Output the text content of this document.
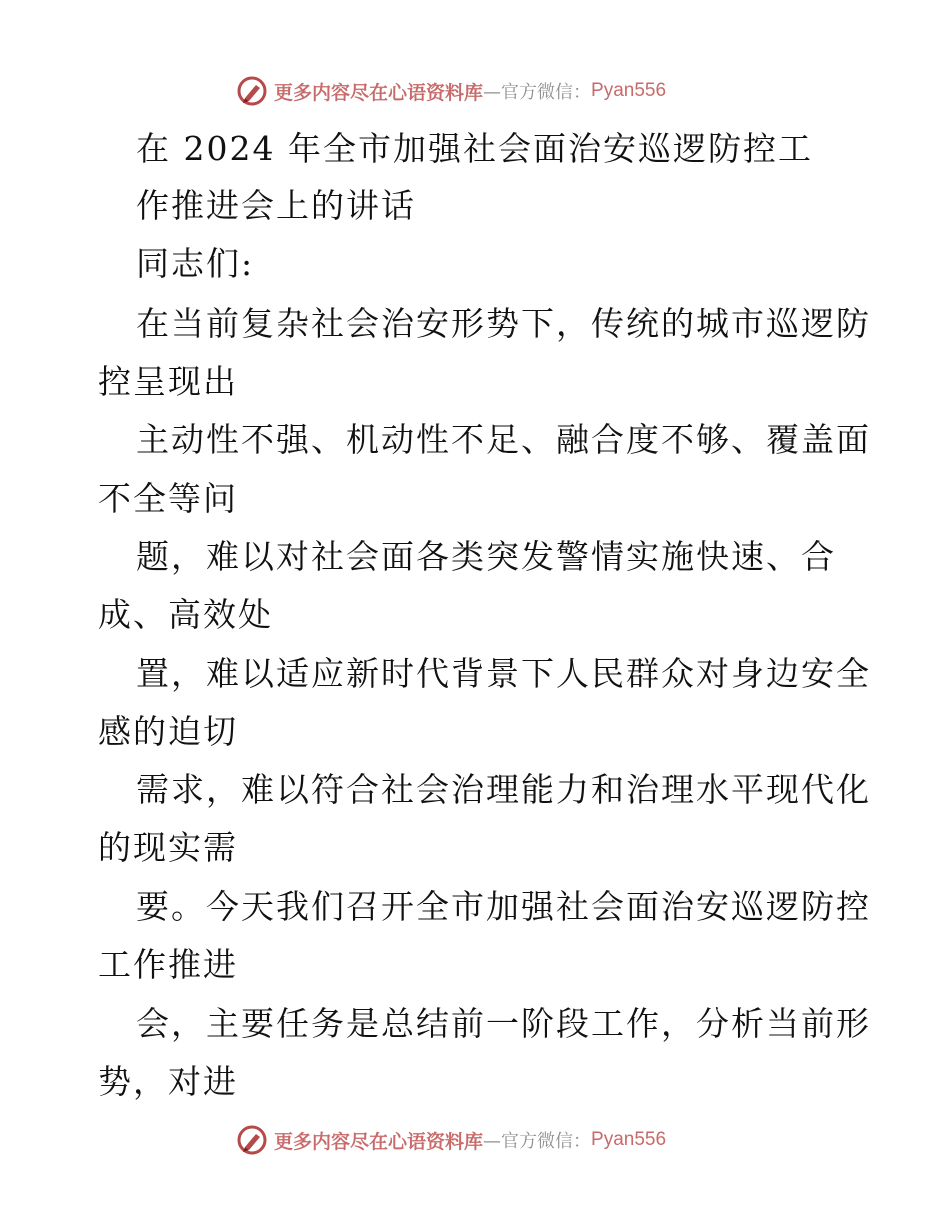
更多内容尽在心语资料库 —官方微信： Pyan556
在 2024 年全市加强社会面治安巡逻防控工
作推进会上的讲话
同志们:
在当前复杂社会治安形势下，传统的城市巡逻防
控呈现出
主动性不强、机动性不足、融合度不够、覆盖面
不全等问
题，难以对社会面各类突发警情实施快速、合
成、高效处
置，难以适应新时代背景下人民群众对身边安全
感的迫切
需求，难以符合社会治理能力和治理水平现代化
的现实需
要。今天我们召开全市加强社会面治安巡逻防控
工作推进
会，主要任务是总结前一阶段工作，分析当前形
势，对进
更多内容尽在心语资料库 —官方微信： Pyan556
